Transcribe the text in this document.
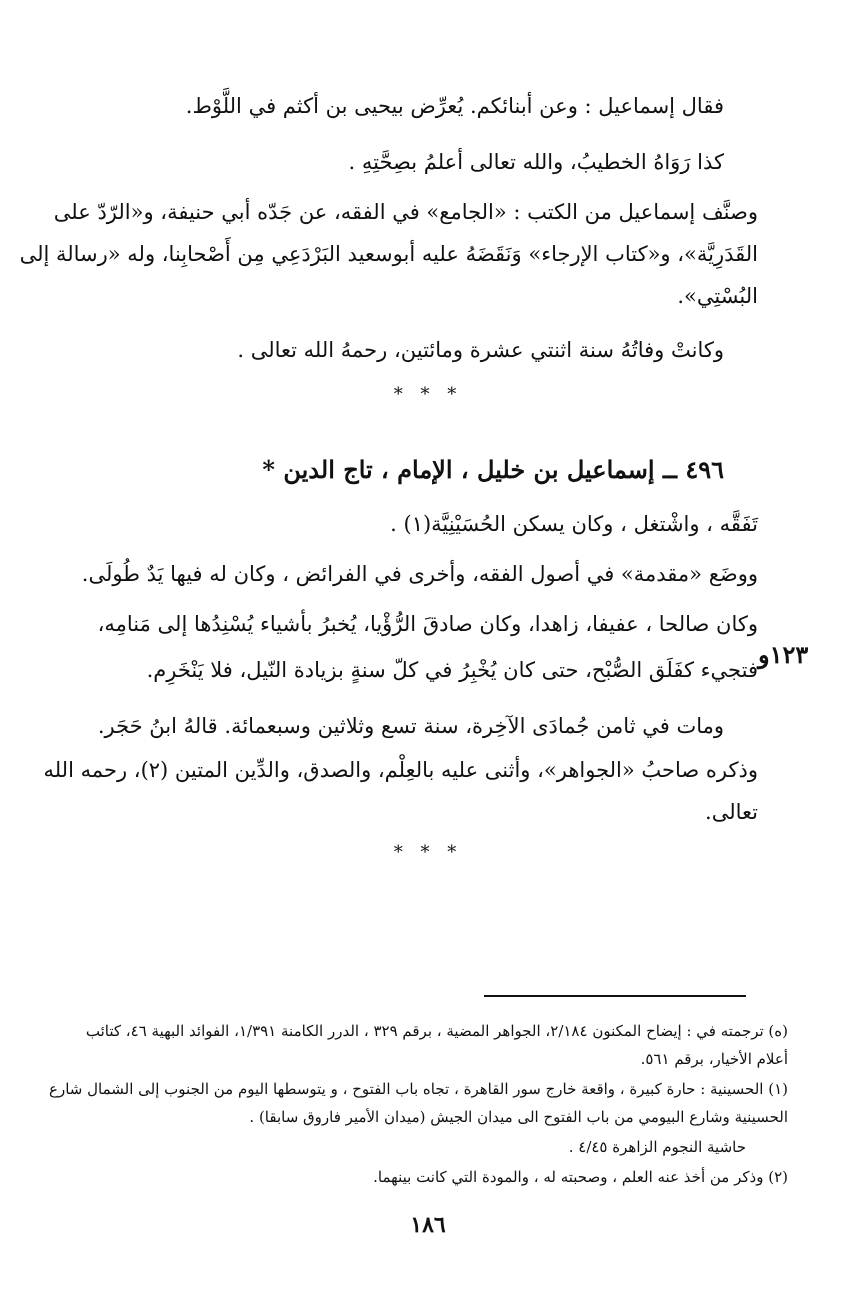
فقال إسماعيل : وعن أبنائكم. يُعرِّض بيحيى بن أكثم في اللَّوْط.
كذا رَوَاهُ الخطيبُ، والله تعالى أعلمُ بصِحَّتِهِ .
وصنَّف إسماعيل من الكتب : «الجامع» في الفقه، عن جَدّه أبي حنيفة، و«الرّدّ على
القَدَرِيَّة»، و«كتاب الإرجاء» وَنَقَضَهُ عليه أبوسعيد البَرْدَعِي مِن أَصْحابِنا، وله «رسالة إلى
البُسْتِي».
وكانتْ وفاتُهُ سنة اثنتي عشرة ومائتين، رحمهُ الله تعالى .
* * *
٤٩٦ ــ إسماعيل بن خليل ، الإمام ، تاج الدين *
تَفَقَّه ، واشْتغل ، وكان يسكن الحُسَيْنِيَّة(١) .
ووضَع «مقدمة» في أصول الفقه، وأخرى في الفرائض ، وكان له فيها يَدٌ طُولَى.
وكان صالحا ، عفيفا، زاهدا، وكان صادقَ الرُّؤْيا، يُخبرُ بأشياء يُسْنِدُها إلى مَنامِه،
فتجيء كفَلَق الصُّبْح، حتى كان يُخْبِرُ في كلّ سنةٍ بزيادة النّيل، فلا يَنْخَرِم.
ومات في ثامن جُمادَى الآخِرة، سنة تسع وثلاثين وسبعمائة. قالهُ ابنُ حَجَر.
وذكره صاحبُ «الجواهر»، وأثنى عليه بالعِلْم، والصدق، والدِّين المتين (٢)، رحمه الله
تعالى.
١٢٣و
* * *
(ه) ترجمته في : إيضاح المكنون ٢/١٨٤، الجواهر المضية ، برقم ٣٢٩ ، الدرر الكامنة ١/٣٩١، الفوائد البهية ٤٦، كتائب
أعلام الأخيار، برقم ٥٦١.
(١) الحسينية : حارة كبيرة ، واقعة خارج سور القاهرة ، تجاه باب الفتوح ، و يتوسطها اليوم من الجنوب إلى الشمال شارع
الحسينية وشارع البيومي من باب الفتوح الى ميدان الجيش (ميدان الأمير فاروق سابقا) .
حاشية النجوم الزاهرة ٤/٤٥ .
(٢) وذكر من أخذ عنه العلم ، وصحبته له ، والمودة التي كانت بينهما.
١٨٦
